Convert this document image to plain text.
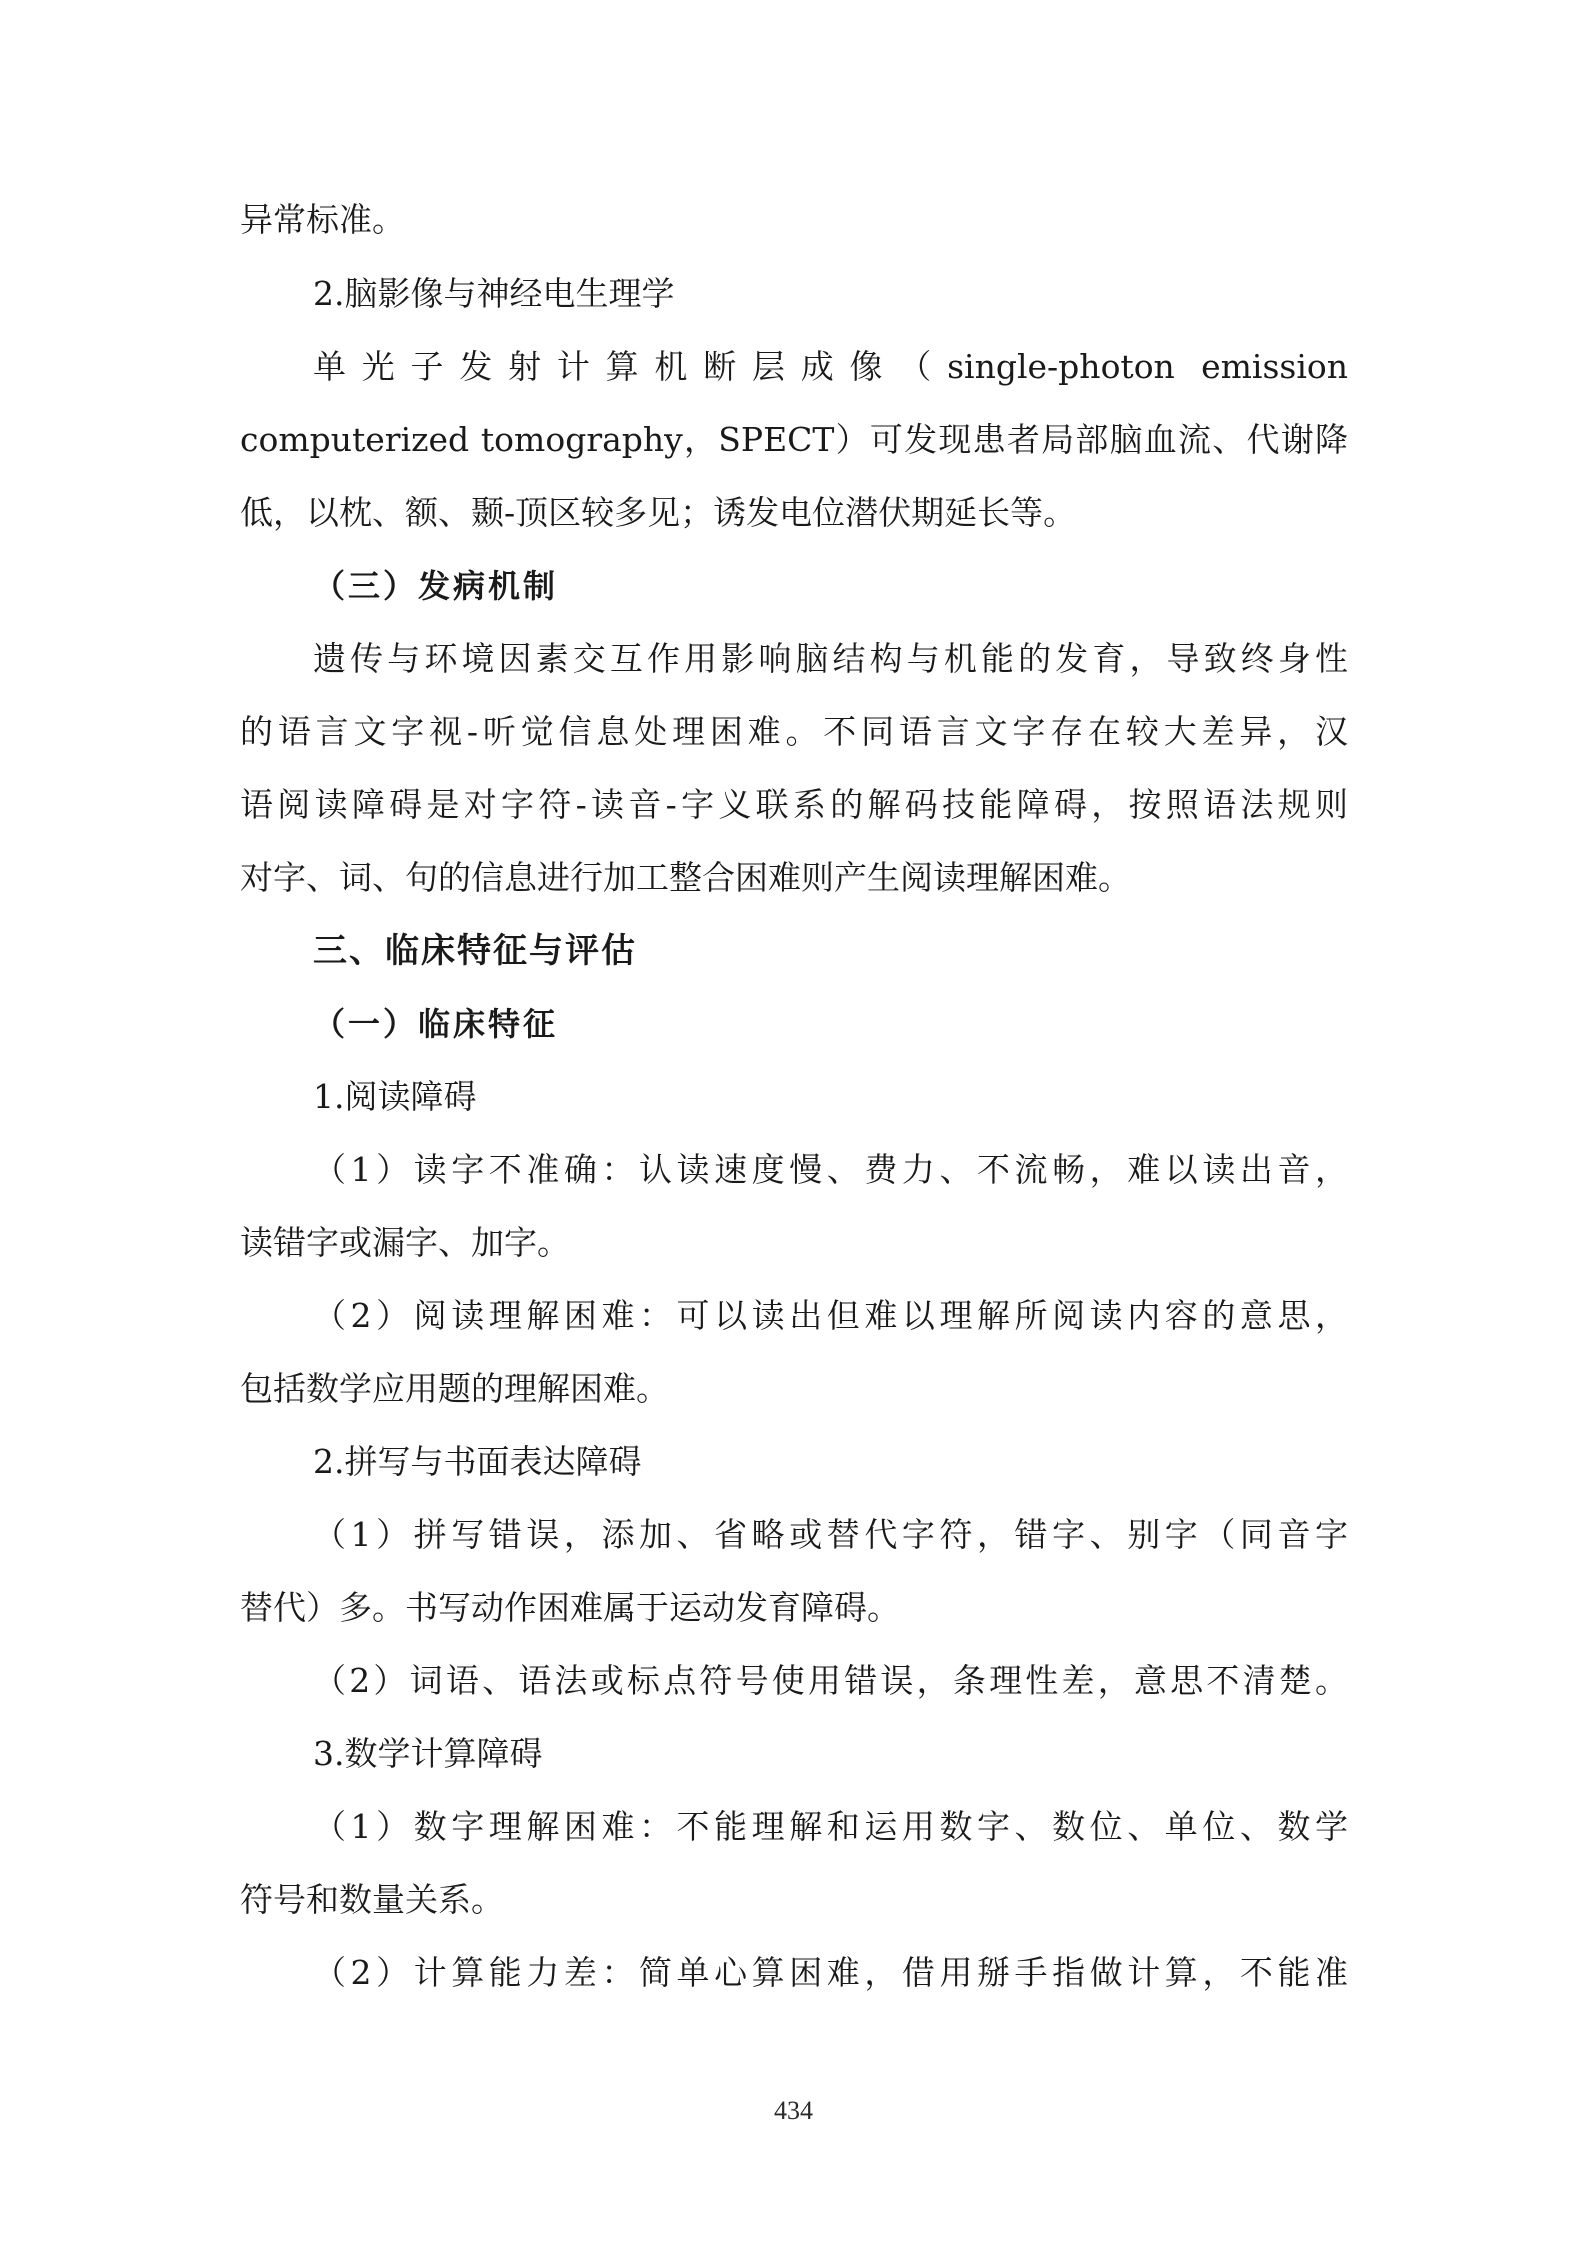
异常标准。
2.脑影像与神经电生理学
单光子发射计算机断层成像（single-photon emission
computerized tomography，SPECT）可发现患者局部脑血流、代谢降
低，以枕、额、颞-顶区较多见；诱发电位潜伏期延长等。
（三）发病机制
遗传与环境因素交互作用影响脑结构与机能的发育，导致终身性
的语言文字视-听觉信息处理困难。不同语言文字存在较大差异，汉
语阅读障碍是对字符-读音-字义联系的解码技能障碍，按照语法规则
对字、词、句的信息进行加工整合困难则产生阅读理解困难。
三、临床特征与评估
（一）临床特征
1.阅读障碍
（1）读字不准确：认读速度慢、费力、不流畅，难以读出音，
读错字或漏字、加字。
（2）阅读理解困难：可以读出但难以理解所阅读内容的意思，
包括数学应用题的理解困难。
2.拼写与书面表达障碍
（1）拼写错误，添加、省略或替代字符，错字、别字（同音字
替代）多。书写动作困难属于运动发育障碍。
（2）词语、语法或标点符号使用错误，条理性差，意思不清楚。
3.数学计算障碍
（1）数字理解困难：不能理解和运用数字、数位、单位、数学
符号和数量关系。
（2）计算能力差：简单心算困难，借用掰手指做计算，不能准
434
